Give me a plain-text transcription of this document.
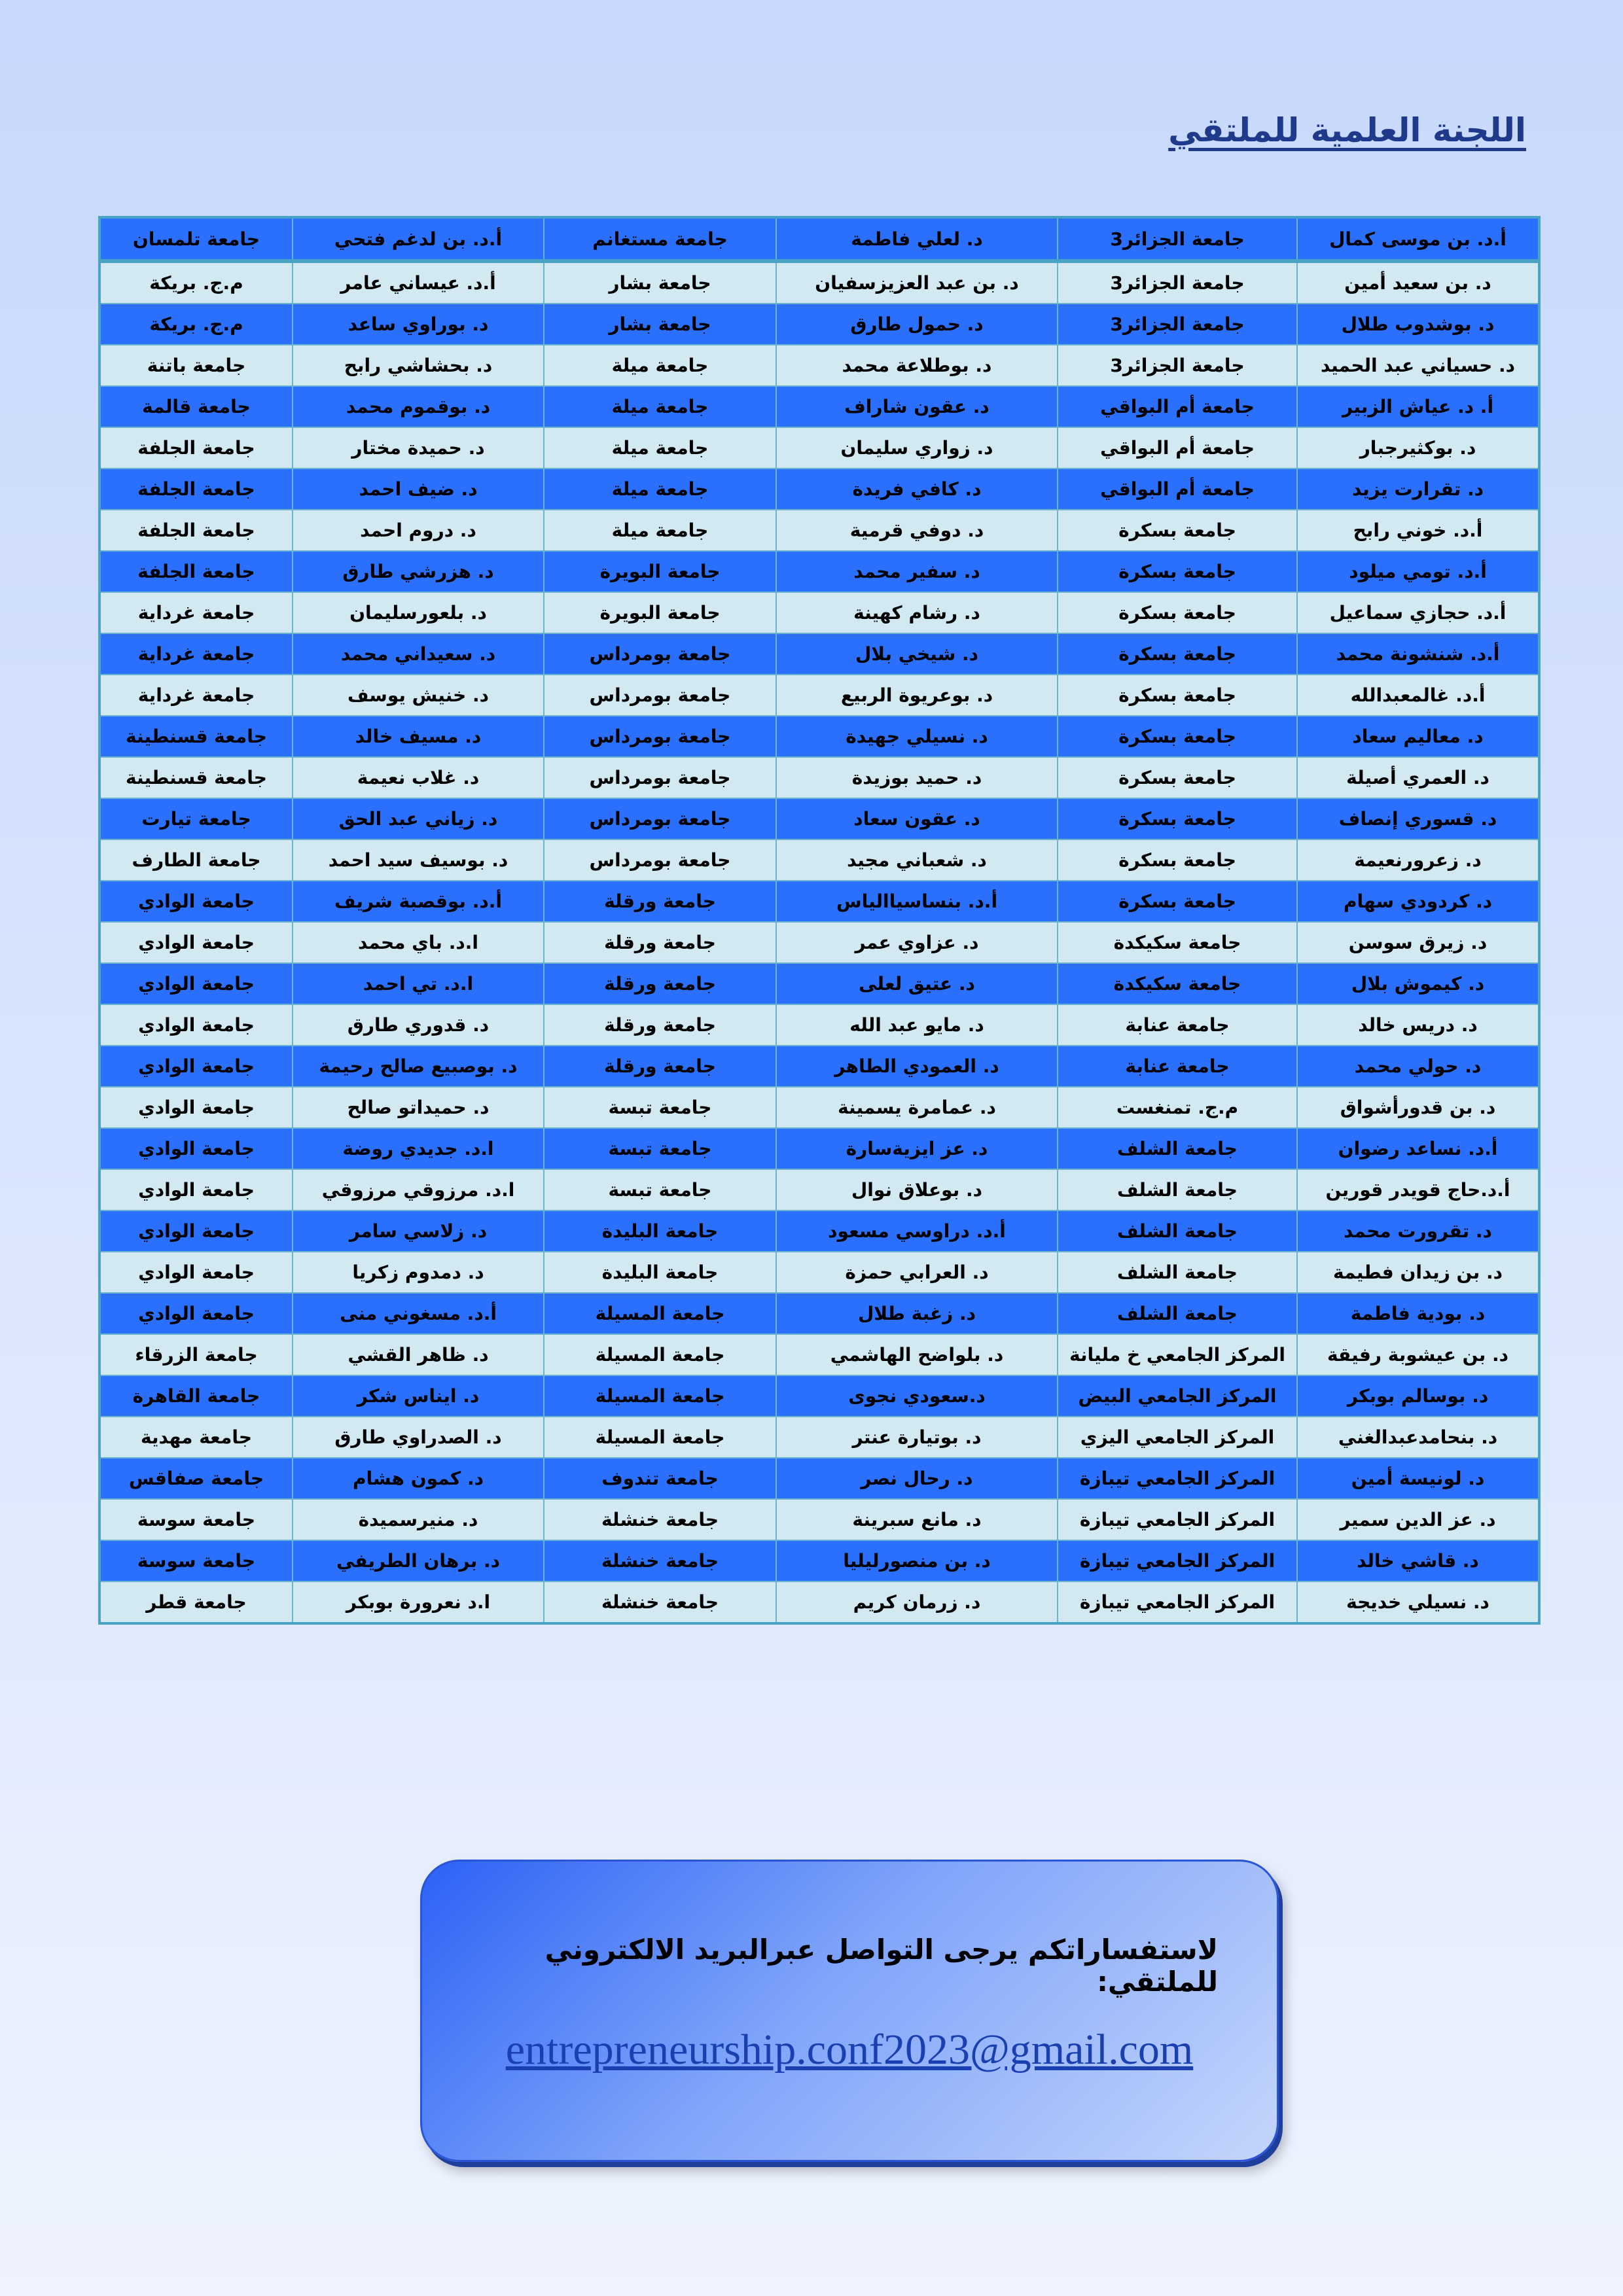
اللجنة العلمية للملتقي
أ.د. بن موسى كمال	جامعة الجزائر3	د. لعلي فاطمة	جامعة مستغانم	أ.د. بن لدغم فتحي	جامعة تلمسان
د. بن سعيد أمين	جامعة الجزائر3	د. بن عبد العزيزسفيان	جامعة بشار	أ.د. عيساني عامر	م.ج. بريكة
د. بوشدوب طلال	جامعة الجزائر3	د. حمول طارق	جامعة بشار	د. بوراوي ساعد	م.ج. بريكة
د. حسياني عبد الحميد	جامعة الجزائر3	د. بوطلاعة محمد	جامعة ميلة	د. بحشاشي رابح	جامعة باتنة
أ. د. عياش الزبير	جامعة أم البواقي	د. عقون شاراف	جامعة ميلة	د. بوقموم محمد	جامعة قالمة
د. بوكثيرجبار	جامعة أم البواقي	د. زواري سليمان	جامعة ميلة	د. حميدة مختار	جامعة الجلفة
د. تقرارت يزيد	جامعة أم البواقي	د. كافي فريدة	جامعة ميلة	د. ضيف احمد	جامعة الجلفة
أ.د. خوني رابح	جامعة بسكرة	د. دوفي قرمية	جامعة ميلة	د. دروم احمد	جامعة الجلفة
أ.د. تومي ميلود	جامعة بسكرة	د. سفير محمد	جامعة البويرة	د. هزرشي طارق	جامعة الجلفة
أ.د. حجازي سماعيل	جامعة بسكرة	د. رشام كهينة	جامعة البويرة	د. بلعورسليمان	جامعة غرداية
أ.د. شنشونة محمد	جامعة بسكرة	د. شيخي بلال	جامعة بومرداس	د. سعيداني محمد	جامعة غرداية
أ.د. غالمعبدالله	جامعة بسكرة	د. بوعريوة الربيع	جامعة بومرداس	د. خنيش يوسف	جامعة غرداية
د. معاليم سعاد	جامعة بسكرة	د. نسيلي جهيدة	جامعة بومرداس	د. مسيف خالد	جامعة قسنطينة
د. العمري أصيلة	جامعة بسكرة	د. حميد بوزيدة	جامعة بومرداس	د. غلاب نعيمة	جامعة قسنطينة
د. قسوري إنصاف	جامعة بسكرة	د. عقون سعاد	جامعة بومرداس	د. زياني عبد الحق	جامعة تيارت
د. زعرورنعيمة	جامعة بسكرة	د. شعباني مجيد	جامعة بومرداس	د. بوسيف سيد احمد	جامعة الطارف
د. كردودي سهام	جامعة بسكرة	أ.د. بنساسياالياس	جامعة ورقلة	أ.د. بوقصبة شريف	جامعة الوادي
د. زيرق سوسن	جامعة سكيكدة	د. عزاوي عمر	جامعة ورقلة	ا.د. باي محمد	جامعة الوادي
د. كيموش بلال	جامعة سكيكدة	د. عتيق لعلى	جامعة ورقلة	ا.د. تي احمد	جامعة الوادي
د. دريس خالد	جامعة عنابة	د. مايو عبد الله	جامعة ورقلة	د. قدوري طارق	جامعة الوادي
د. حولي محمد	جامعة عنابة	د. العمودي الطاهر	جامعة ورقلة	د. بوصبيع صالح رحيمة	جامعة الوادي
د. بن قدورأشواق	م.ج. تمنغست	د. عمامرة يسمينة	جامعة تبسة	د. حميداتو صالح	جامعة الوادي
أ.د. نساعد رضوان	جامعة الشلف	د. عز ايزيةسارة	جامعة تبسة	ا.د. جديدي روضة	جامعة الوادي
أ.د.حاج قويدر قورين	جامعة الشلف	د. بوعلاق نوال	جامعة تبسة	ا.د. مرزوقي مرزوقي	جامعة الوادي
د. تقرورت محمد	جامعة الشلف	أ.د. دراوسي مسعود	جامعة البليدة	د. زلاسي سامر	جامعة الوادي
د. بن زيدان فطيمة	جامعة الشلف	د. العرابي حمزة	جامعة البليدة	د. دمدوم زكريا	جامعة الوادي
د. بودية فاطمة	جامعة الشلف	د. زغبة طلال	جامعة المسيلة	أ.د. مسغوني منى	جامعة الوادي
د. بن عيشوبة رفيقة	المركز الجامعي خ مليانة	د. بلواضح الهاشمي	جامعة المسيلة	د. ظاهر القشي	جامعة الزرقاء
د. بوسالم بوبكر	المركز الجامعي البيض	د.سعودي نجوى	جامعة المسيلة	د. ايناس شكر	جامعة القاهرة
د. بنحامدعبدالغني	المركز الجامعي اليزي	د. بوتيارة عنتر	جامعة المسيلة	د. الصدراوي طارق	جامعة مهدية
د. لونيسة أمين	المركز الجامعي تيبازة	د. رحال نصر	جامعة تندوف	د. كمون هشام	جامعة صفاقس
د. عز الدين سمير	المركز الجامعي تيبازة	د. مانع سبرينة	جامعة خنشلة	د. منيرسميدة	جامعة سوسة
د. قاشي خالد	المركز الجامعي تيبازة	د. بن منصورليليا	جامعة خنشلة	د. برهان الطريفي	جامعة سوسة
د. نسيلي خديجة	المركز الجامعي تيبازة	د. زرمان كريم	جامعة خنشلة	ا.د نعرورة بوبكر	جامعة قطر
لاستفساراتكم يرجى التواصل عبرالبريد الالكتروني للملتقي:
entrepreneurship.conf2023@gmail.com
